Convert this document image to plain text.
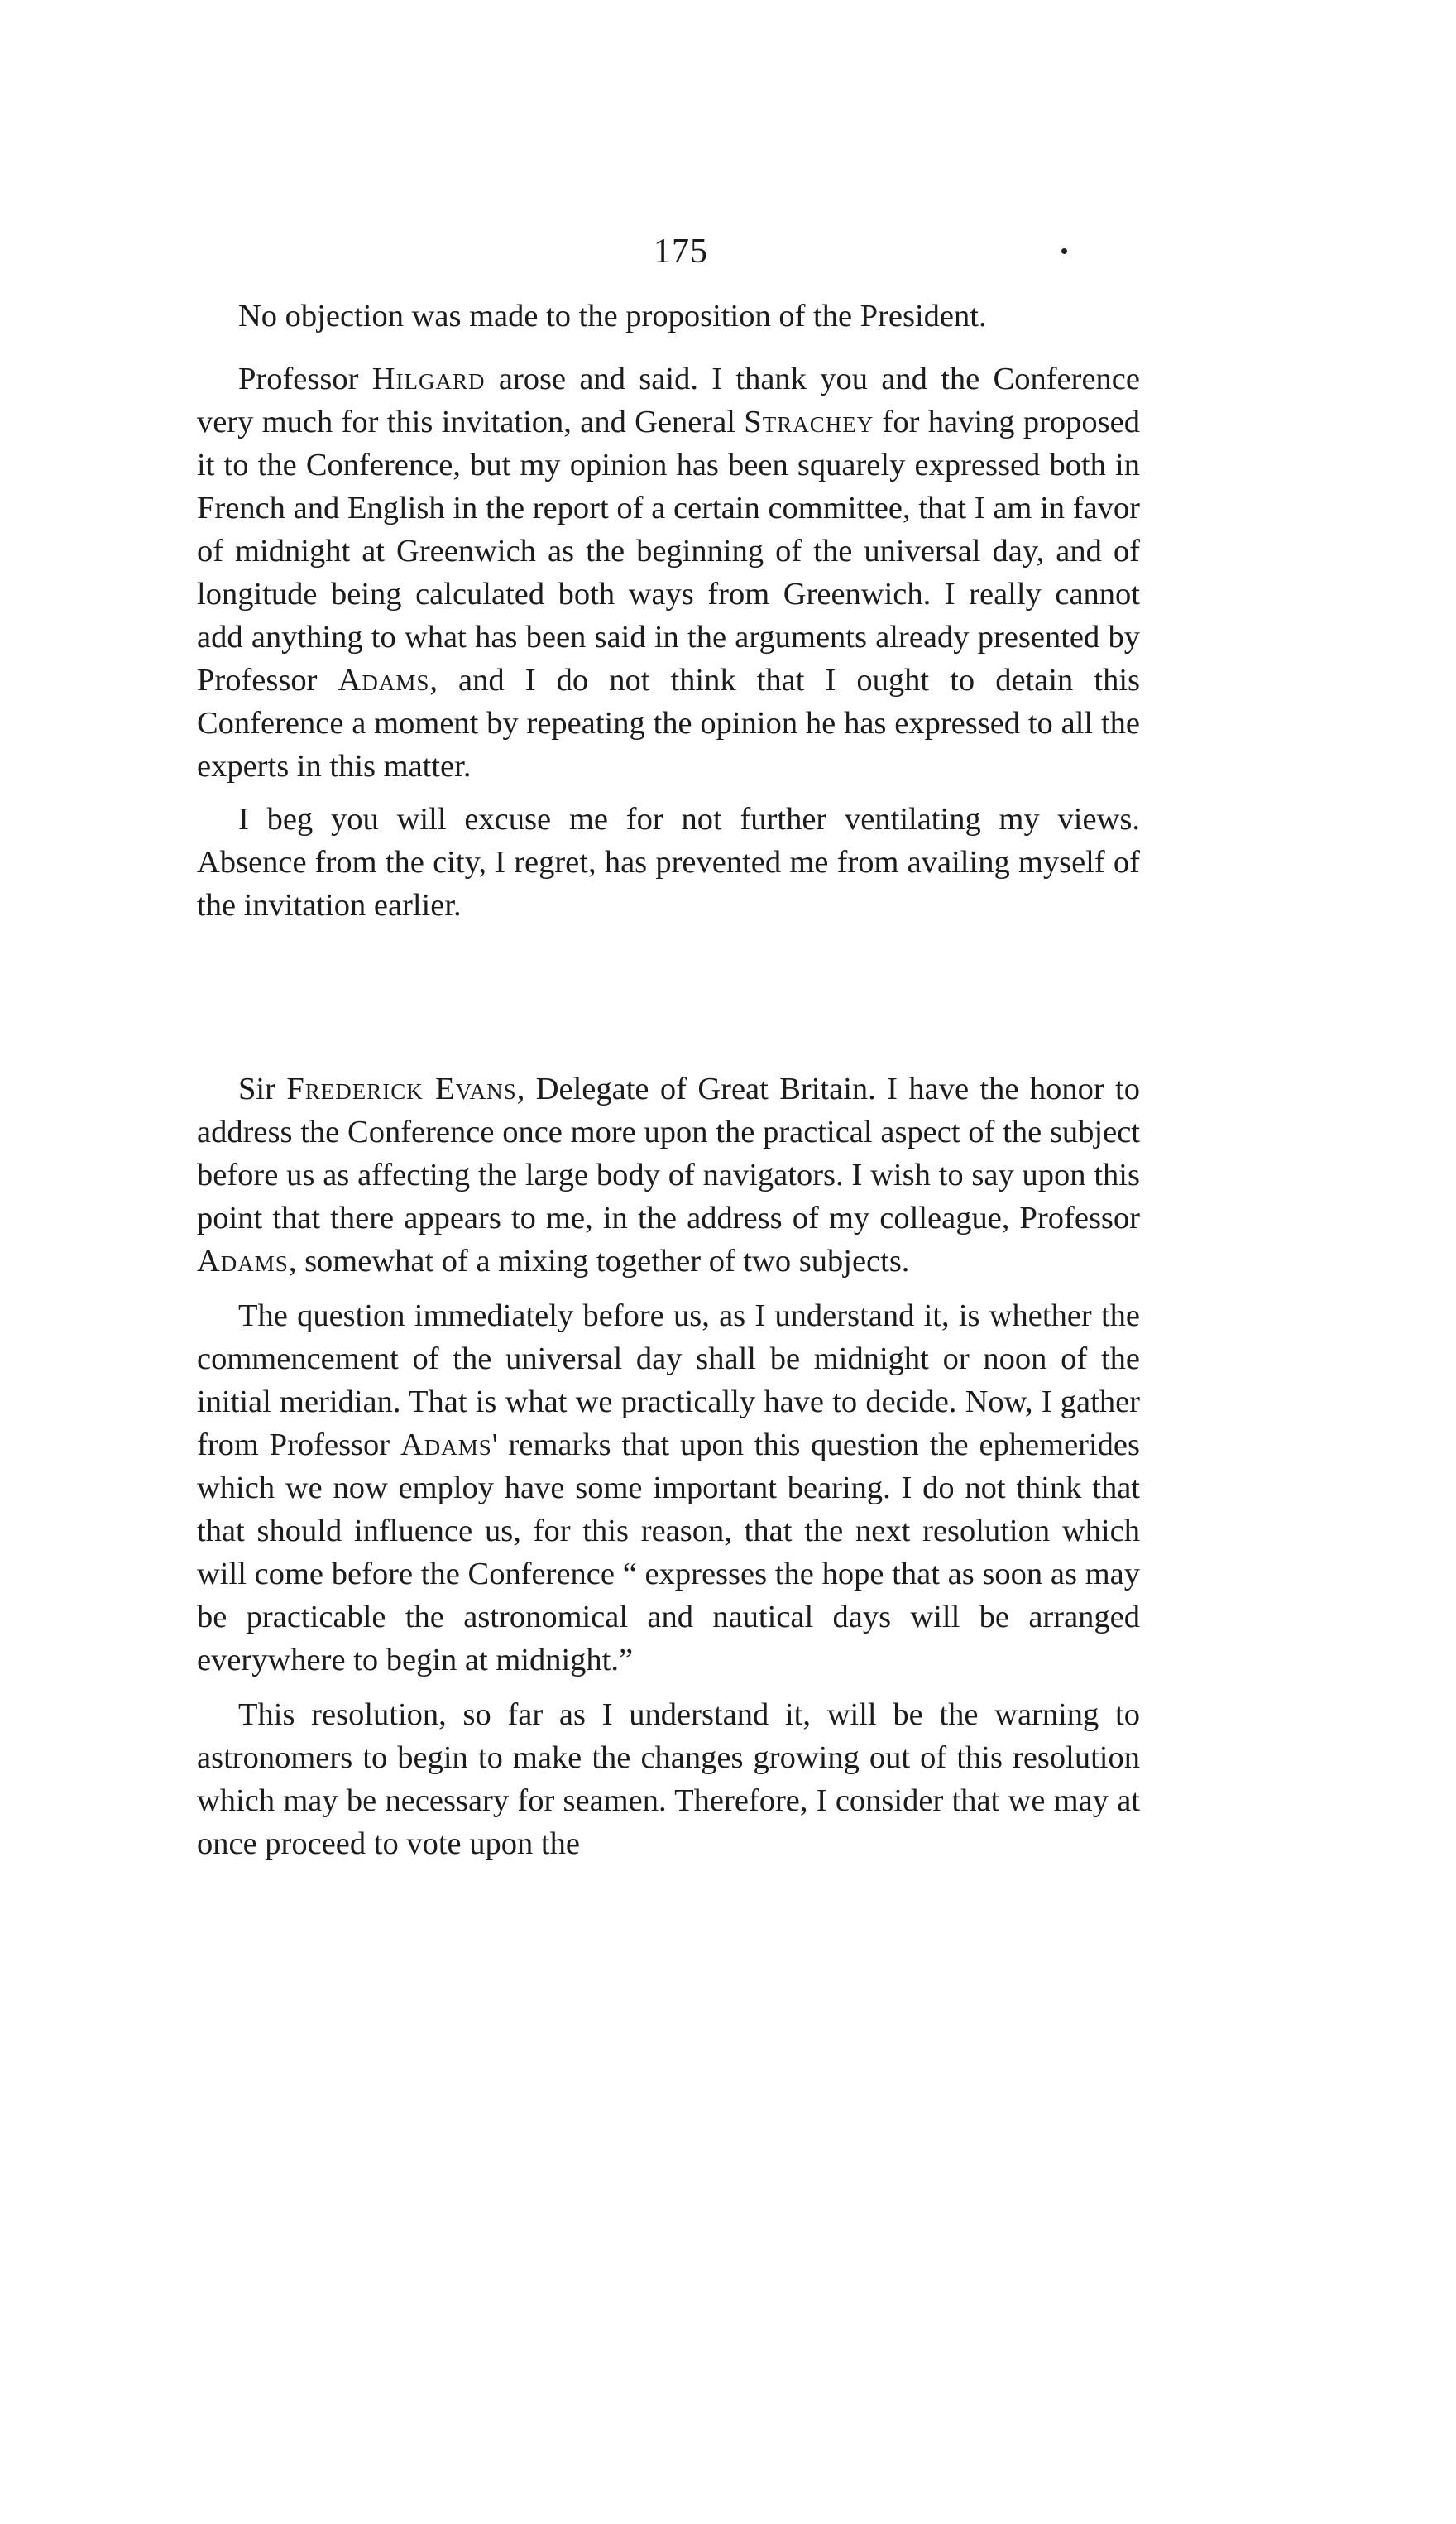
175

No objection was made to the proposition of the President.

Professor Hilgard arose and said. I thank you and the Conference very much for this invitation, and General Strachey for having proposed it to the Conference, but my opinion has been squarely expressed both in French and English in the report of a certain committee, that I am in favor of midnight at Greenwich as the beginning of the universal day, and of longitude being calculated both ways from Greenwich. I really cannot add anything to what has been said in the arguments already presented by Professor Adams, and I do not think that I ought to detain this Conference a moment by repeating the opinion he has expressed to all the experts in this matter.

I beg you will excuse me for not further ventilating my views. Absence from the city, I regret, has prevented me from availing myself of the invitation earlier.

Sir Frederick Evans, Delegate of Great Britain. I have the honor to address the Conference once more upon the practical aspect of the subject before us as affecting the large body of navigators. I wish to say upon this point that there appears to me, in the address of my colleague, Professor Adams, somewhat of a mixing together of two subjects.

The question immediately before us, as I understand it, is whether the commencement of the universal day shall be midnight or noon of the initial meridian. That is what we practically have to decide. Now, I gather from Professor Adams' remarks that upon this question the ephemerides which we now employ have some important bearing. I do not think that that should influence us, for this reason, that the next resolution which will come before the Conference “ expresses the hope that as soon as may be practicable the astronomical and nautical days will be arranged everywhere to begin at midnight.”

This resolution, so far as I understand it, will be the warning to astronomers to begin to make the changes growing out of this resolution which may be necessary for seamen. Therefore, I consider that we may at once proceed to vote upon the
